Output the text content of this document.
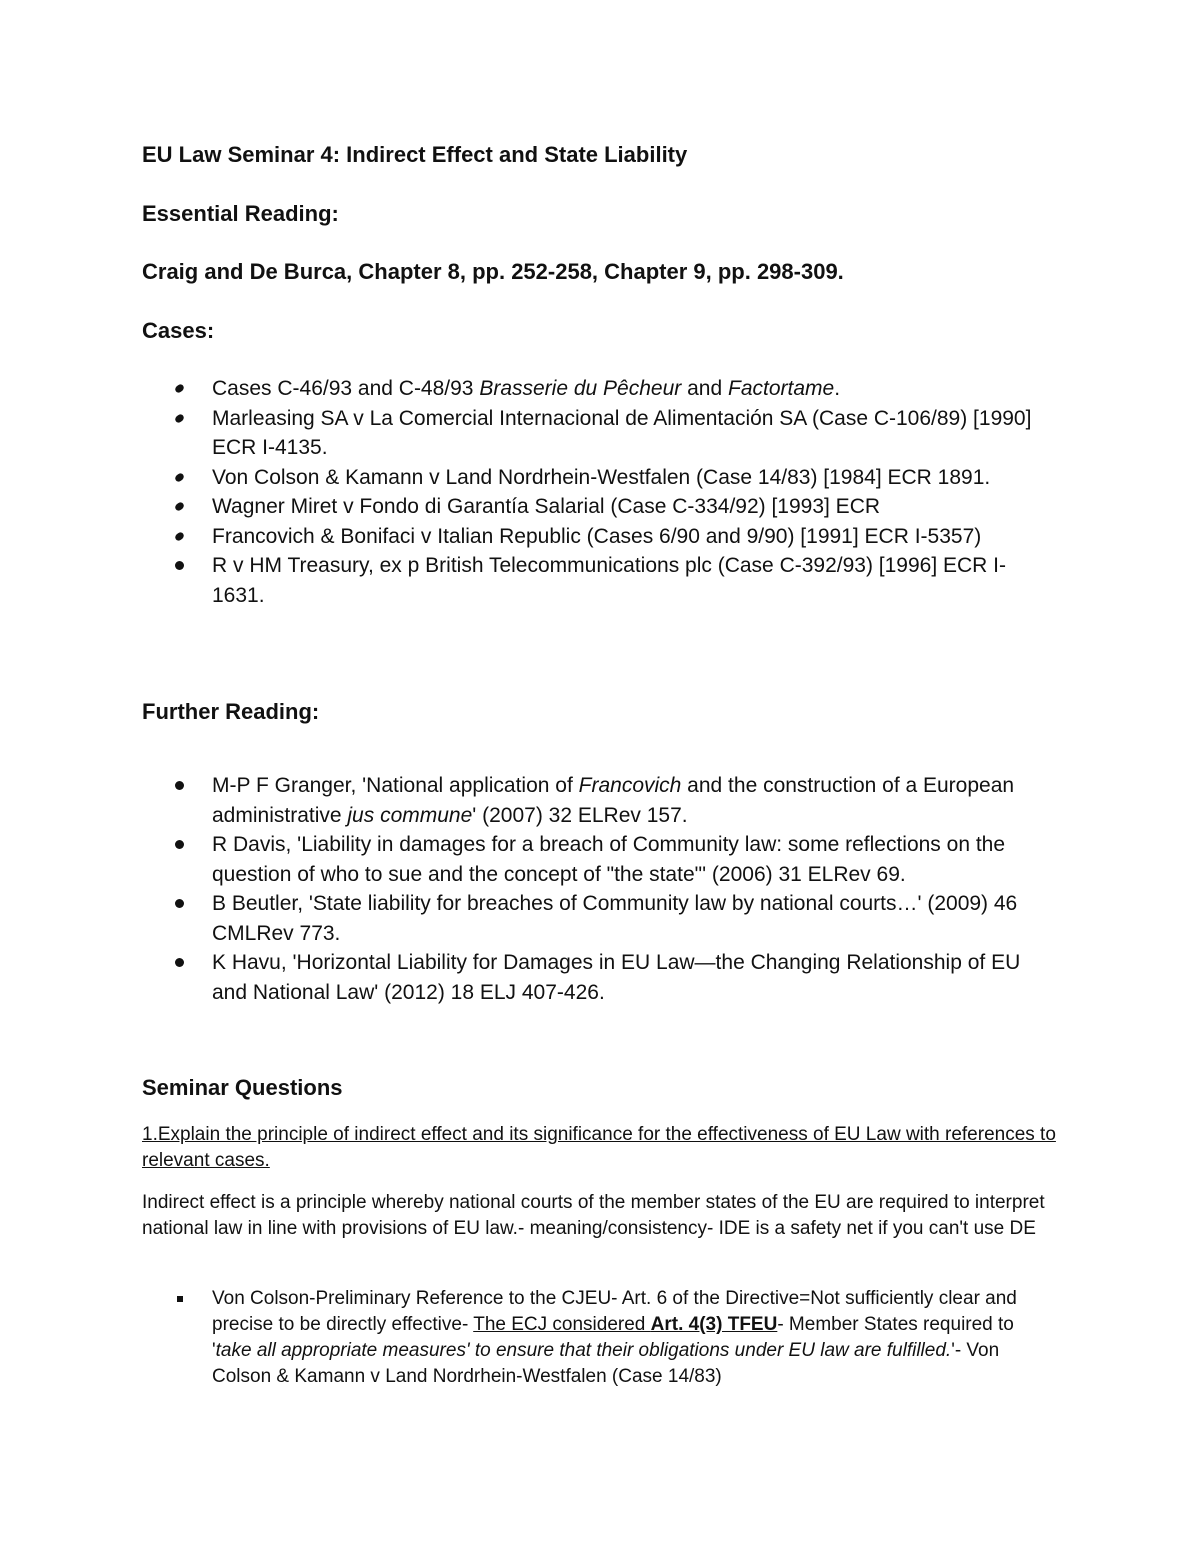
EU Law Seminar 4: Indirect Effect and State Liability
Essential Reading:
Craig and De Burca, Chapter 8, pp. 252-258, Chapter 9, pp. 298-309.
Cases:
Cases C-46/93 and C-48/93 Brasserie du Pêcheur and Factortame.
Marleasing SA v La Comercial Internacional de Alimentación SA (Case C-106/89) [1990] ECR I-4135.
Von Colson & Kamann v Land Nordrhein-Westfalen (Case 14/83) [1984] ECR 1891.
Wagner Miret v Fondo di Garantía Salarial (Case C-334/92) [1993] ECR
Francovich & Bonifaci v Italian Republic (Cases 6/90 and 9/90) [1991] ECR I-5357)
R v HM Treasury, ex p British Telecommunications plc (Case C-392/93) [1996] ECR I-1631.
Further Reading:
M-P F Granger, 'National application of Francovich and the construction of a European administrative jus commune' (2007) 32 ELRev 157.
R Davis, 'Liability in damages for a breach of Community law: some reflections on the question of who to sue and the concept of "the state"' (2006) 31 ELRev 69.
B Beutler, 'State liability for breaches of Community law by national courts…' (2009) 46 CMLRev 773.
K Havu, 'Horizontal Liability for Damages in EU Law—the Changing Relationship of EU and National Law' (2012) 18 ELJ 407-426.
Seminar Questions
1.Explain the principle of indirect effect and its significance for the effectiveness of EU Law with references to relevant cases.
Indirect effect is a principle whereby national courts of the member states of the EU are required to interpret national law in line with provisions of EU law.- meaning/consistency- IDE is a safety net if you can't use DE
Von Colson-Preliminary Reference to the CJEU- Art. 6 of the Directive=Not sufficiently clear and precise to be directly effective- The ECJ considered Art. 4(3) TFEU- Member States required to 'take all appropriate measures' to ensure that their obligations under EU law are fulfilled.'- Von Colson & Kamann v Land Nordrhein-Westfalen (Case 14/83)
